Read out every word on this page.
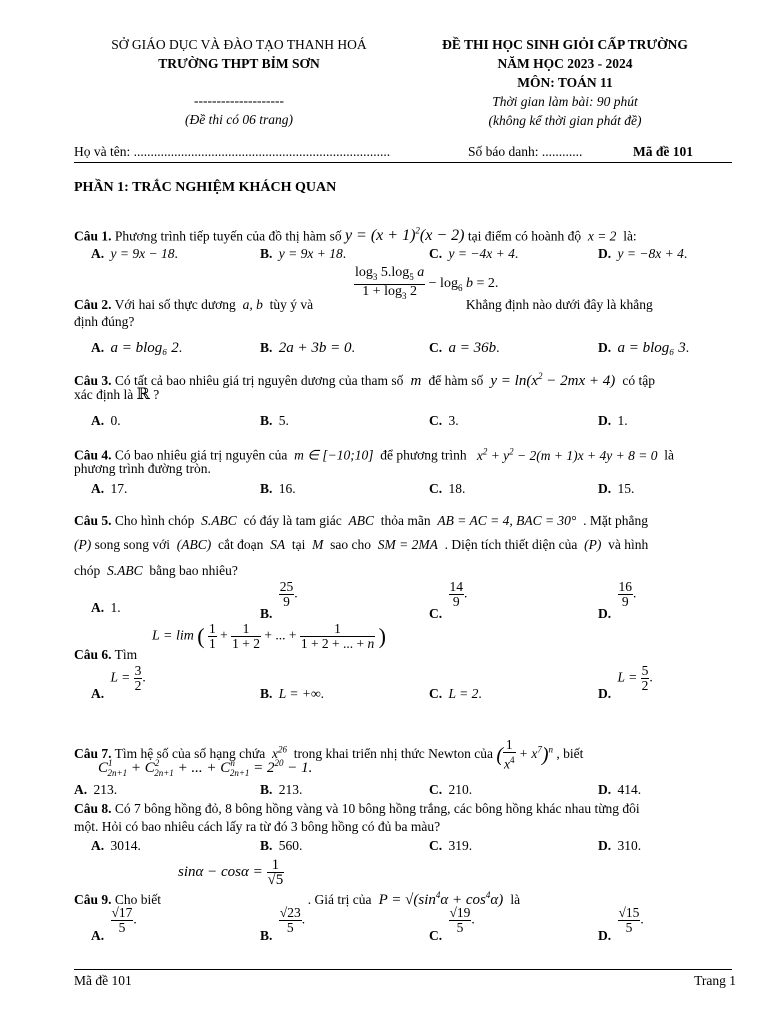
SỞ GIÁO DỤC VÀ ĐÀO TẠO THANH HOÁ
TRƯỜNG THPT BỈM SƠN
--------------------
(Đề thi có 06 trang)
ĐỀ THI HỌC SINH GIỎI CẤP TRƯỜNG
NĂM HỌC 2023 - 2024
MÔN: TOÁN 11
Thời gian làm bài: 90 phút
(không kể thời gian phát đề)
Họ và tên: ............................................................................	Số báo danh: ............	Mã đề 101
PHẦN 1: TRẮC NGHIỆM KHÁCH QUAN
Câu 1. Phương trình tiếp tuyến của đồ thị hàm số $y = (x + 1)^2(x - 2)$ tại điểm có hoành độ  x = 2  là:
A. y = 9x − 18.	B. y = 9x + 18.	C. y = −4x + 4.	D. y = −8x + 4.
$\frac{\log_3 5.\log_5 a}{1 + \log_3 2} - \log_6 b = 2$.
Câu 2. Với hai số thực dương  a, b  tùy ý và	Khẳng định nào dưới đây là khẳng
định đúng?
A. a = blog₆ 2.	B. 2a + 3b = 0.	C. a = 36b.	D. a = blog₆ 3.
Câu 3. Có tất cả bao nhiêu giá trị nguyên dương của tham số  m  để hàm số  $y = \ln(x^2 - 2mx + 4)$  có tập
xác định là ℝ ?
A. 0.	B. 5.	C. 3.	D. 1.
Câu 4. Có bao nhiêu giá trị nguyên của  m ∈ [−10;10]  để phương trình   $x^2 + y^2 - 2(m + 1)x + 4y + 8 = 0$  là
phương trình đường tròn.
A. 17.	B. 16.	C. 18.	D. 15.
Câu 5. Cho hình chóp  S.ABC  có đáy là tam giác  ABC  thỏa mãn  AB = AC = 4, BAC = 30°  . Mặt phẳng
(P) song song với  (ABC)  cắt đoạn  SA  tại  M  sao cho  SM = 2MA  . Diện tích thiết diện của  (P)  và hình
chóp  S.ABC  bằng bao nhiêu?
A. 1.	B.
$\frac{25}{9}$ .
C.
$\frac{14}{9}$ .
D.
$\frac{16}{9}$ .
L = lim ( $\frac{1}{1} + \frac{1}{1 + 2}$ + ... + $\frac{1}{1 + 2 + ... + n}$ )
Câu 6. Tìm
A. $L = \frac{3}{2}$ .
B. L = +∞.	C. L = 2.	D. $L = \frac{5}{2}$ .
Câu 7. Tìm hệ số của số hạng chứa  $x^{26}$ trong khai triển nhị thức Newton của ( $\frac{1}{x^4} + x^7)^n$ , biết
$C^1_{2n+1} + C^2_{2n+1}$ + ... + $C^n_{2n+1} = 2^{20} - 1$.
A. 213.	B. 213.	C. 210.	D. 414.
Câu 8. Có 7 bông hồng đỏ, 8 bông hồng vàng và 10 bông hồng trắng, các bông hồng khác nhau từng đôi
một. Hỏi có bao nhiêu cách lấy ra từ đó 3 bông hồng có đủ ba màu?
A. 3014.	B. 560.	C. 319.	D. 310.
$\sin\alpha - \cos\alpha = \frac{1}{√5}$
Câu 9. Cho biết	. Giá trị của  $P = √(\sin^4\alpha + \cos^4\alpha)$  là
A.
$\frac{√17}{5}$ .
B.
$\frac{√23}{5}$ .
C.
$\frac{√19}{5}$ .
D.
$\frac{√15}{5}$ .
Mã đề 101	Trang 1
